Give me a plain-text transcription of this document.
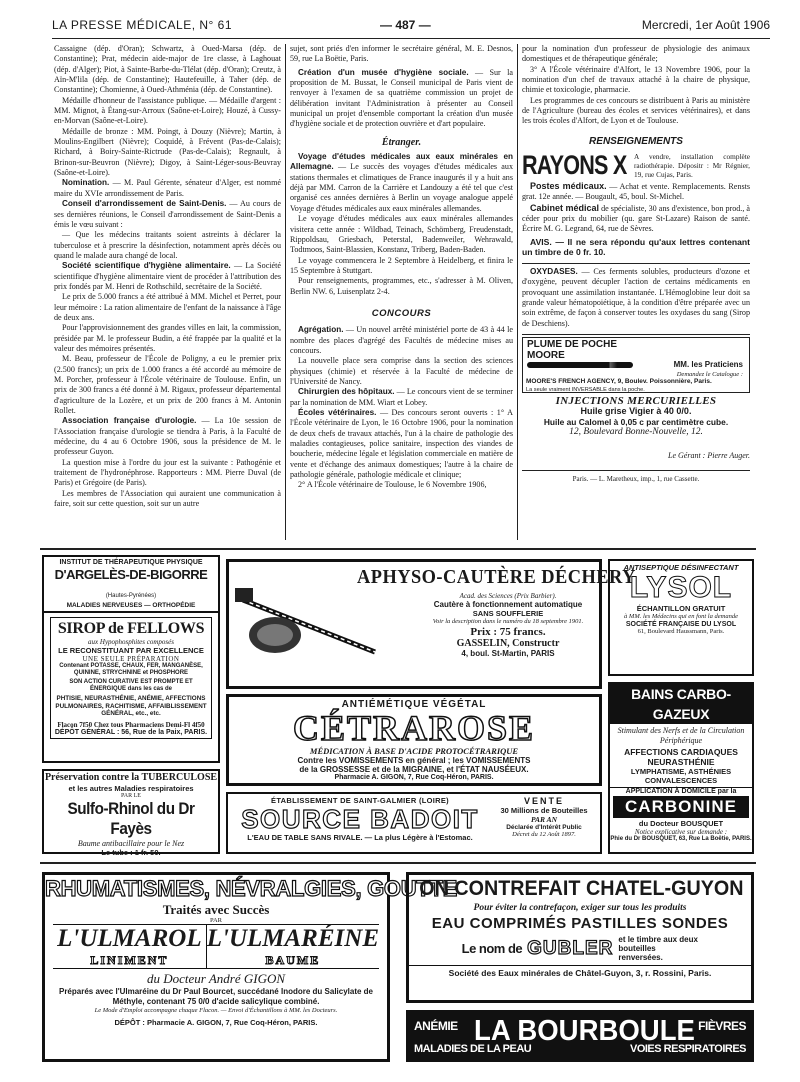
LA PRESSE MÉDICALE, N° 61	— 487 —	Mercredi, 1er Août 1906

Cassaigne (dép. d'Oran); Schwartz, à Oued-Marsa (dép. de Constantine); Prat, médecin aide-major de 1re classe, à Laghouat (dép. d'Alger); Piot, à Sainte-Barbe-du-Tlélat (dép. d'Oran); Creutz, à Aïn-M'lila (dép. de Constantine); Hautefeuille, à Taher (dép. de Constantine); Chomienne, à Oued-Athménia (dép. de Constantine).

Médaille d'honneur de l'assistance publique. — Médaille d'argent : MM. Mignot, à Étang-sur-Arroux (Saône-et-Loire); Houzé, à Cussy-en-Morvan (Saône-et-Loire).

Médaille de bronze : MM. Poingt, à Douzy (Nièvre); Martin, à Moulins-Engilbert (Nièvre); Coquidé, à Frévent (Pas-de-Calais); Richard, à Boiry-Sainte-Rictrude (Pas-de-Calais); Regnault, à Brinon-sur-Beuvron (Nièvre); Digoy, à Saint-Léger-sous-Beuvray (Saône-et-Loire).

Nomination. — M. Paul Gérente, sénateur d'Alger, est nommé maire du XVIe arrondissement de Paris.

Conseil d'arrondissement de Saint-Denis. — Au cours de ses dernières réunions, le Conseil d'arrondissement de Saint-Denis a émis le vœu suivant :

— Que les médecins traitants soient astreints à déclarer la tuberculose et à prescrire la désinfection, notamment après décès ou quand le malade aura changé de local.

Société scientifique d'hygiène alimentaire. — La Société scientifique d'hygiène alimentaire vient de procéder à l'attribution des prix fondés par M. Henri de Rothschild, secrétaire de la Société.

Le prix de 5.000 francs a été attribué à MM. Michel et Perret, pour leur mémoire : La ration alimentaire de l'enfant de la naissance à l'âge de deux ans.

Pour l'approvisionnement des grandes villes en lait, la commission, présidée par M. le professeur Budin, a été frappée par la qualité et la valeur des mémoires présentés.

M. Beau, professeur de l'École de Poligny, a eu le premier prix (2.500 francs); un prix de 1.000 francs a été accordé au mémoire de M. Porcher, professeur à l'École vétérinaire de Toulouse. Enfin, un prix de 300 francs a été donné à M. Rigaux, professeur départemental d'agriculture de la Lozère, et un prix de 200 francs à M. Antonin Rollet.

Association française d'urologie. — La 10e session de l'Association française d'urologie se tiendra à Paris, à la Faculté de médecine, du 4 au 6 Octobre 1906, sous la présidence de M. le professeur Guyon.

La question mise à l'ordre du jour est la suivante : Pathogénie et traitement de l'hydronéphrose. Rapporteurs : MM. Pierre Duval (de Paris) et Grégoire (de Paris).

Les membres de l'Association qui auraient une communication à faire, soit sur cette question, soit sur un autre

sujet, sont priés d'en informer le secrétaire général, M. E. Desnos, 59, rue La Boëtie, Paris.

Création d'un musée d'hygiène sociale. — Sur la proposition de M. Bussat, le Conseil municipal de Paris vient de renvoyer à l'examen de sa quatrième commission un projet de délibération invitant l'Administration à présenter au Conseil municipal un projet d'ensemble comportant la création d'un musée d'hygiène sociale et de protection ouvrière et d'art populaire.

Étranger.

Voyage d'études médicales aux eaux minérales en Allemagne. — Le succès des voyages d'études médicales aux stations thermales et climatiques de France inaugurés il y a huit ans déjà par MM. Carron de la Carrière et Landouzy a été tel que c'est organisé ces années dernières à Berlin un voyage analogue appelé Voyage d'études médicales aux eaux minérales allemandes.

Le voyage d'études médicales aux eaux minérales allemandes visitera cette année : Wildbad, Teinach, Schömberg, Freudenstadt, Rippoldsau, Griesbach, Peterstal, Badenweiler, Wehrawald, Todtmoos, Saint-Blassien, Konstanz, Triberg, Baden-Baden.

Le voyage commencera le 2 Septembre à Heidelberg, et finira le 15 Septembre à Stuttgart.

Pour renseignements, programmes, etc., s'adresser à M. Oliven, Berlin NW. 6, Luisenplatz 2-4.

CONCOURS

Agrégation. — Un nouvel arrêté ministériel porte de 43 à 44 le nombre des places d'agrégé des Facultés de médecine mises au concours.

La nouvelle place sera comprise dans la section des sciences physiques (chimie) et réservée à la Faculté de médecine de l'Université de Nancy.

Chirurgien des hôpitaux. — Le concours vient de se terminer par la nomination de MM. Wiart et Lobey.

Écoles vétérinaires. — Des concours seront ouverts : 1° A l'École vétérinaire de Lyon, le 16 Octobre 1906, pour la nomination de deux chefs de travaux attachés, l'un à la chaire de pathologie des maladies contagieuses, police sanitaire, inspection des viandes de boucherie, médecine légale et législation commerciale en matière de vente et d'échange des animaux domestiques; l'autre à la chaire de pathologie générale, pathologie médicale et clinique;

2° A l'École vétérinaire de Toulouse, le 6 Novembre 1906,

pour la nomination d'un professeur de physiologie des animaux domestiques et de thérapeutique générale;

3° A l'École vétérinaire d'Alfort, le 13 Novembre 1906, pour la nomination d'un chef de travaux attaché à la chaire de physique, chimie et toxicologie, pharmacie.

Les programmes de ces concours se distribuent à Paris au ministère de l'Agriculture (bureau des écoles et services vétérinaires), et dans les trois écoles d'Alfort, de Lyon et de Toulouse.

RENSEIGNEMENTS

RAYONS X A vendre, installation complète radiothérapie. Dépositr : Mr Régnier, 19, rue Cujas, Paris.

Postes médicaux. — Achat et vente. Remplacements. Rensts grat. 12e année. — Bougault, 45, boul. St-Michel.

Cabinet médical de spécialiste, 30 ans d'existence, bon prod., à céder pour prix du mobilier (qu. gare St-Lazare) Raison de santé. Écrire M. G. Legrand, 64, rue de Sèvres.

AVIS. — Il ne sera répondu qu'aux lettres contenant un timbre de 0 fr. 10.

OXYDASES. — Ces ferments solubles, producteurs d'ozone et d'oxygène, peuvent décupler l'action de certains médicaments en provoquant une assimilation instantanée. L'Hémoglobine leur doit sa grande valeur hématopoiétique, à la condition d'être préparée avec un soin extrême, de façon à conserver toutes les oxydases du sang (Sirop de Deschiens).

PLUME DE POCHE
MOORE
MM. les Praticiens
Demandez le Catalogue :
MOORE'S FRENCH AGENCY, 9, Boulev. Poissonnière, Paris.
La seule vraiment INVERSABLE dans la poche.

INJECTIONS MERCURIELLES

Huile grise Vigier à 40 0/0.

Huile au Calomel à 0,05 c par centimètre cube.

12, Boulevard Bonne-Nouvelle, 12.

Le Gérant : Pierre Auger.

Paris. — L. Maretheux, imp., 1, rue Cassette.

INSTITUT DE THÉRAPEUTIQUE PHYSIQUE
D'ARGELÈS-DE-BIGORRE (Hautes-Pyrénées)
MALADIES NERVEUSES — ORTHOPÉDIE
SIROP de FELLOWS
aux Hypophosphites composés
LE RECONSTITUANT PAR EXCELLENCE
UNE SEULE PRÉPARATION
Contenant POTASSE, CHAUX, FER, MANGANÈSE, QUININE, STRYCHNINE et PHOSPHORE
SON ACTION CURATIVE EST PROMPTE ET ÉNERGIQUE dans les cas de
PHTISIE, NEURASTHÉNIE, ANÉMIE, AFFECTIONS PULMONAIRES, RACHITISME, AFFAIBLISSEMENT GÉNÉRAL, etc., etc.
Flacon 7f50 Chez tous Pharmaciens Demi-Fl 4f50
DÉPÔT GÉNÉRAL : 56, Rue de la Paix, PARIS.
APHYSO-CAUTÈRE DÉCHERY
Acad. des Sciences (Prix Barbier).
Cautère à fonctionnement automatique
SANS SOUFFLERIE
Voir la description dans le numéro du 18 septembre 1901.
Prix : 75 francs.
GASSELIN, Constructr
4, boul. St-Martin, PARIS
ANTISEPTIQUE DÉSINFECTANT
LYSOL
ÉCHANTILLON GRATUIT
à MM. les Médecins qui en font la demande
SOCIÉTÉ FRANÇAISE DU LYSOL
61, Boulevard Haussmann, Paris.
ANTIÉMÉTIQUE VÉGÉTAL
CÉTRAROSE
MÉDICATION À BASE D'ACIDE PROTOCÉTRARIQUE
Contre les VOMISSEMENTS en général ; les VOMISSEMENTS
de la GROSSESSE et de la MIGRAINE, et l'ÉTAT NAUSÉEUX.
Pharmacie A. GIGON, 7, Rue Coq-Héron, PARIS.
BAINS CARBO-GAZEUX
Stimulant des Nerfs et de la Circulation Périphérique
AFFECTIONS CARDIAQUES
NEURASTHÉNIE
LYMPHATISME, ASTHÉNIES CONVALESCENCES
APPLICATION À DOMICILE par la
CARBONINE
du Docteur BOUSQUET
Notice explicative sur demande :
Phie du Dr BOUSQUET, 63, Rue La Boëtie, PARIS.
Préservation contre la TUBERCULOSE
et les autres Maladies respiratoires
PAR LE
Sulfo-Rhinol du Dr Fayès
Baume antibacillaire pour le Nez
Le tube : 1 fr. 50.
ÉTABLISSEMENT DE SAINT-GALMIER (LOIRE)
SOURCE BADOIT
L'EAU DE TABLE SANS RIVALE. — La plus Légère à l'Estomac.
VENTE
30 Millions de Bouteilles
PAR AN
Déclarée d'Intérêt Public
Décret du 12 Août 1897.
RHUMATISMES, NÉVRALGIES, GOUTTE
Traités avec Succès
PAR
L'ULMAROL
LINIMENT
L'ULMARÉINE
BAUME
du Docteur André GIGON
Préparés avec l'Ulmaréine du Dr Paul Bourcet, succédané Inodore du Salicylate de Méthyle, contenant 75 0/0 d'acide salicylique combiné.
Le Mode d'Emploi accompagne chaque Flacon. — Envoi d'Échantillons à MM. les Docteurs.
DÉPÔT : Pharmacie A. GIGON, 7, Rue Coq-Héron, PARIS.
ON CONTREFAIT CHATEL-GUYON
Pour éviter la contrefaçon, exiger sur tous les produits
EAU COMPRIMÉS PASTILLES SONDES
Le nom de GUBLER et le timbre aux deux bouteilles renversées.
Société des Eaux minérales de Châtel-Guyon, 3, r. Rossini, Paris.
ANÉMIE
MALADIES DE LA PEAU
LA BOURBOULE FIÈVRES
VOIES RESPIRATOIRES
